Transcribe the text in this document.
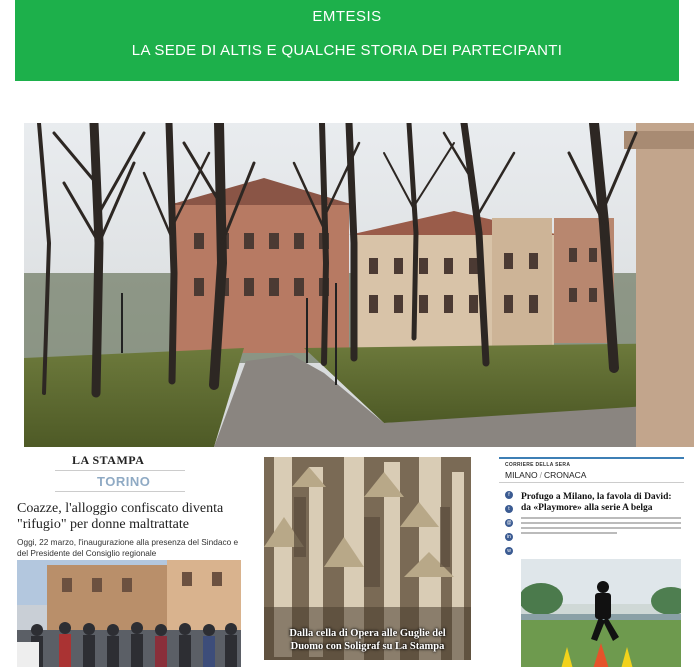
EMTESIS
LA SEDE DI ALTIS E QUALCHE STORIA DEI PARTECIPANTI
LA STAMPA
TORINO
Coazze, l'alloggio confiscato diventa "rifugio" per donne maltrattate
Oggi, 22 marzo, l'inaugurazione alla presenza del Sindaco e del Presidente del Consiglio regionale
Dalla cella di Opera alle Guglie del
Duomo con Soligraf su La Stampa
CORRIERE DELLA SERA
MILANO / CRONACA
f
t
@
in
w
Profugo a Milano, la favola di David: da «Playmore» alla serie A belga
